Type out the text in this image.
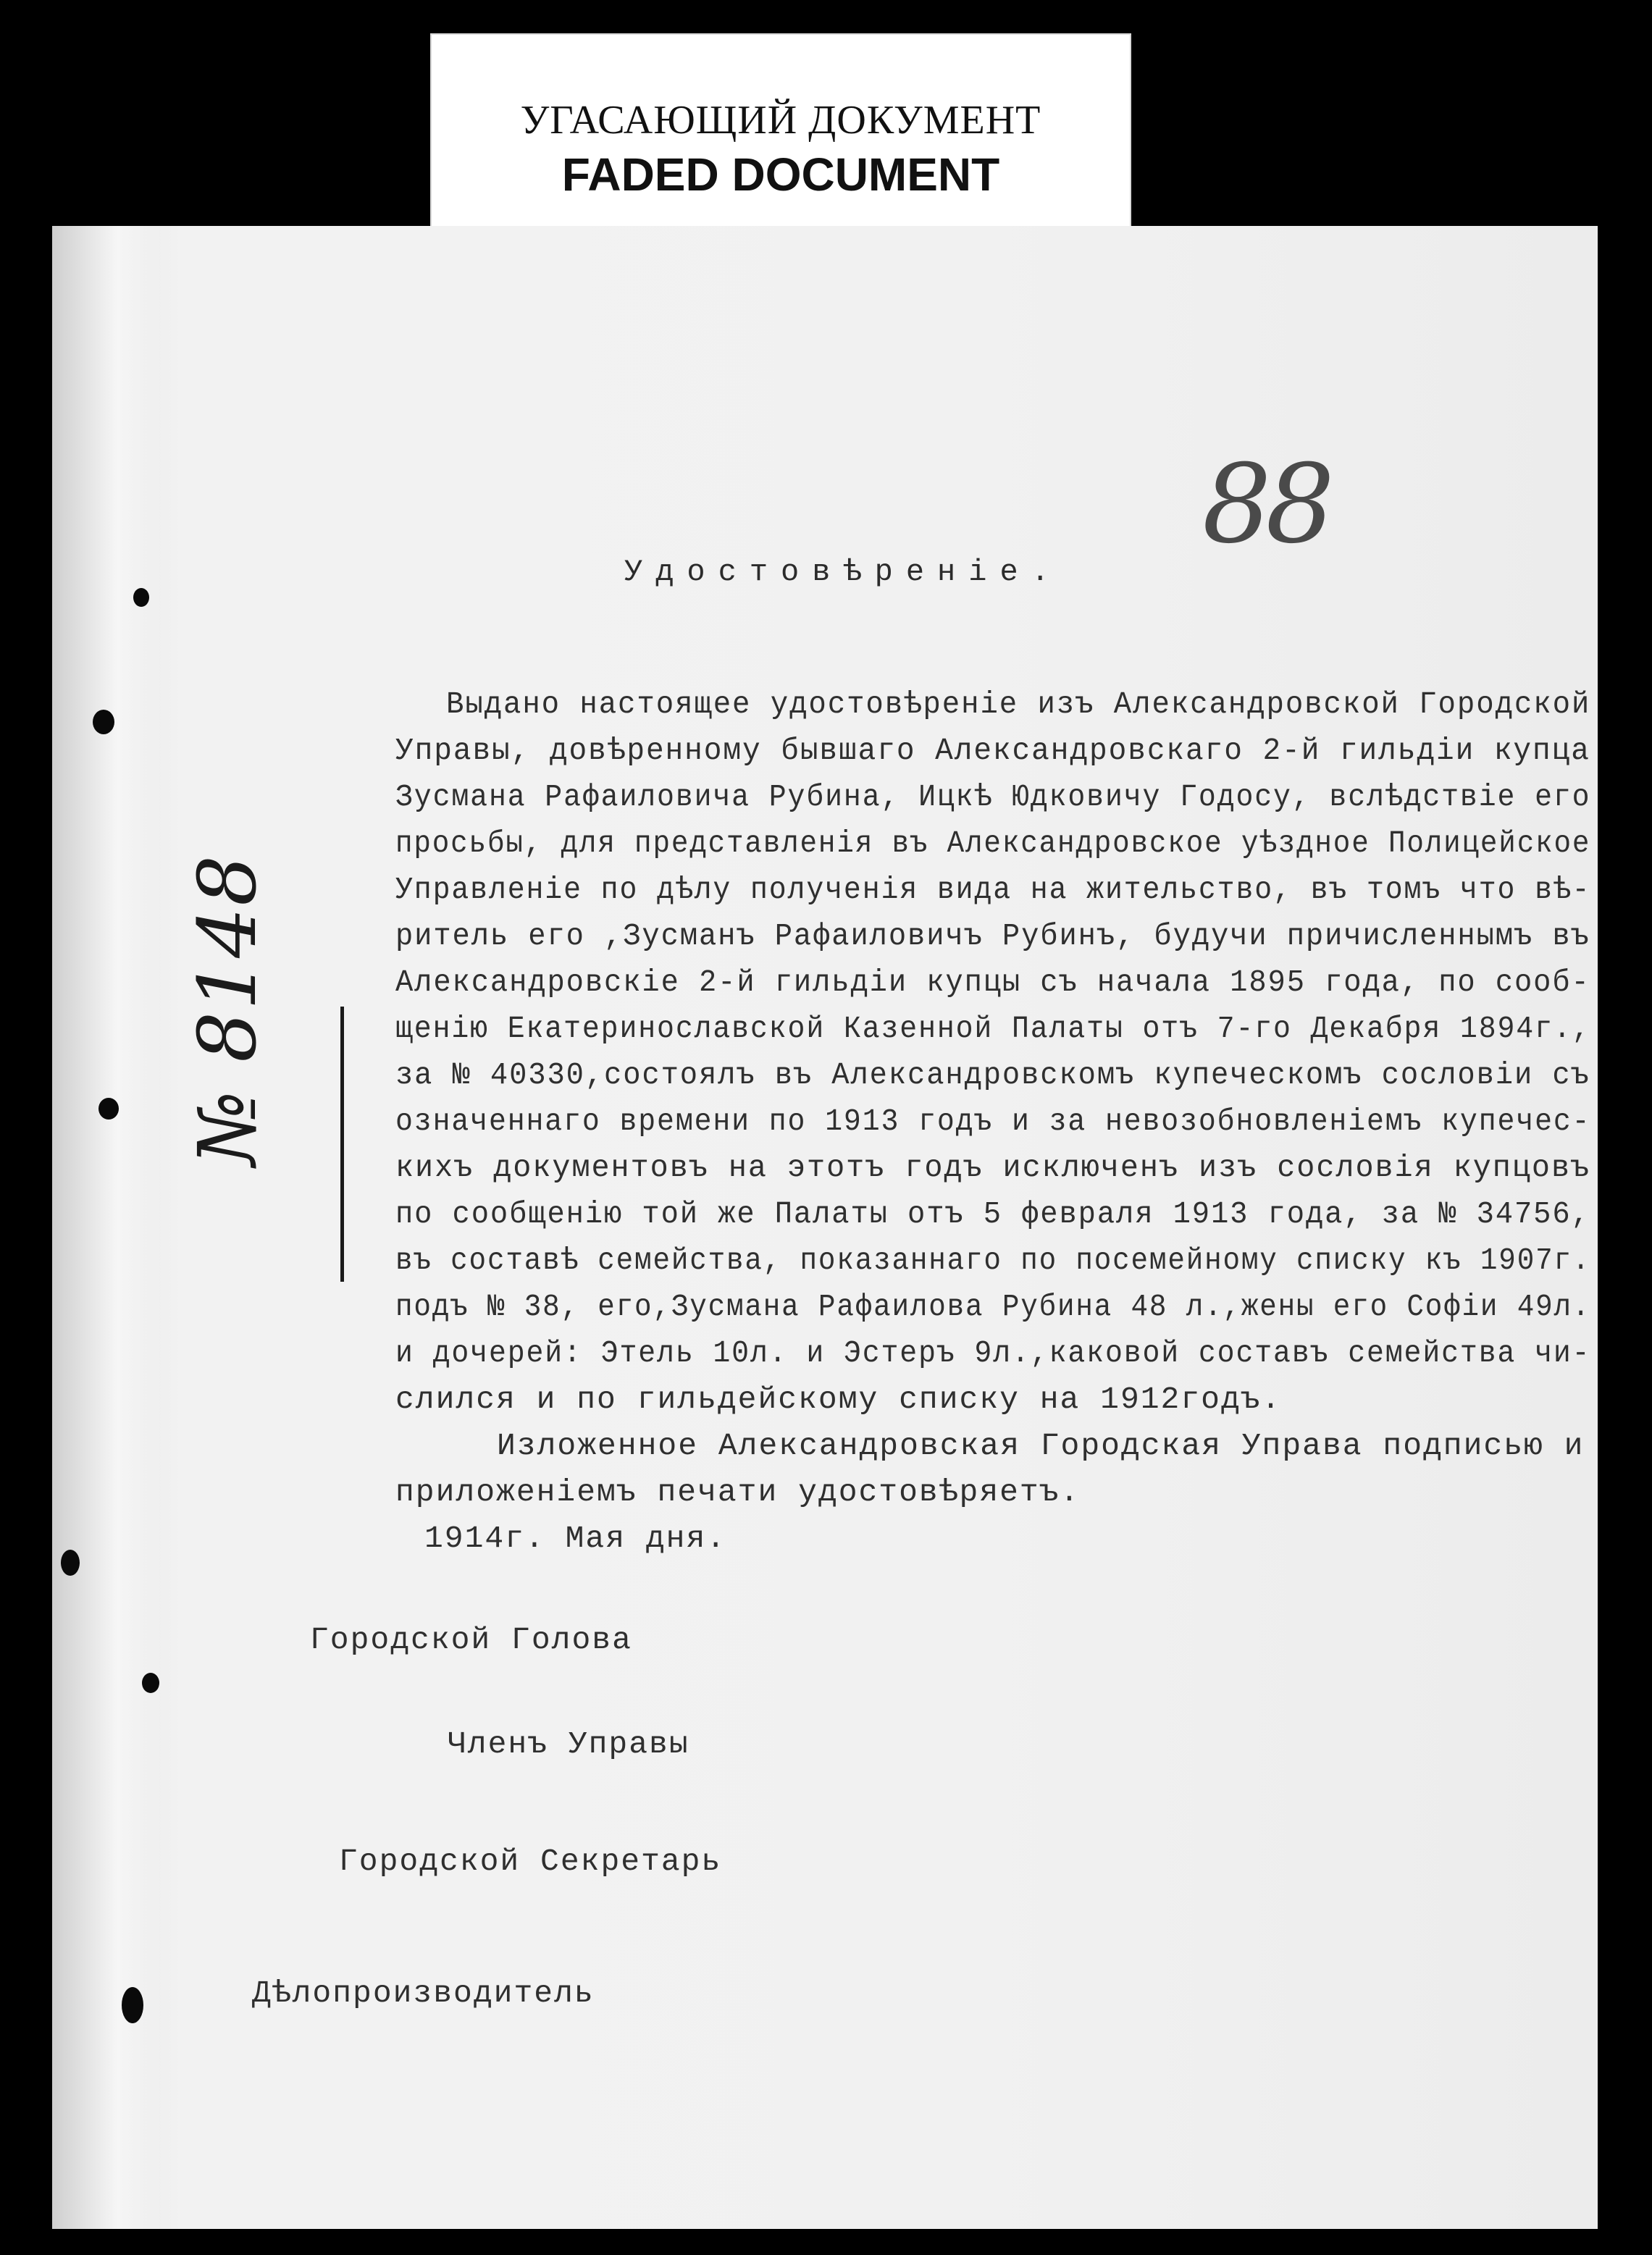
УГАСАЮЩИЙ ДОКУМЕНТ
FADED DOCUMENT
88
№ 8148
Удостовѣреніе.
Выдано настоящее удостовѣреніе изъ Александровской Городской
Управы, довѣренному бывшаго Александровскаго 2-й гильдіи купца
Зусмана Рафаиловича Рубина, Ицкѣ Юдковичу Годосу, вслѣдствіе его
просьбы, для представленія въ Александровское уѣздное Полицейское
Управленіе по дѣлу полученія вида на жительство, въ томъ что вѣ-
ритель его ,Зусманъ Рафаиловичъ Рубинъ, будучи причисленнымъ въ
Александровскіе 2-й гильдіи купцы съ начала 1895 года, по сооб-
щенію Екатеринославской Казенной Палаты отъ 7-го Декабря 1894г.,
за № 40330,состоялъ въ Александровскомъ купеческомъ сословіи съ
означеннаго времени по 1913 годъ и за невозобновленіемъ купечес-
кихъ документовъ на этотъ годъ исключенъ изъ сословія купцовъ
по сообщенію той же Палаты отъ 5 февраля 1913 года, за № 34756,
въ составѣ семейства, показаннаго по посемейному списку къ 1907г.
подъ № 38, его,Зусмана Рафаилова Рубина 48 л.,жены его Софіи 49л.
и дочерей: Этель 10л. и Эстеръ 9л.,каковой составъ семейства чи-
слился и по гильдейскому списку на 1912годъ.
Изложенное Александровская Городская Управа подписью и
приложеніемъ печати удостовѣряетъ.
1914г. Мая дня.
Городской Голова
Членъ Управы
Городской Секретарь
Дѣлопроизводитель
